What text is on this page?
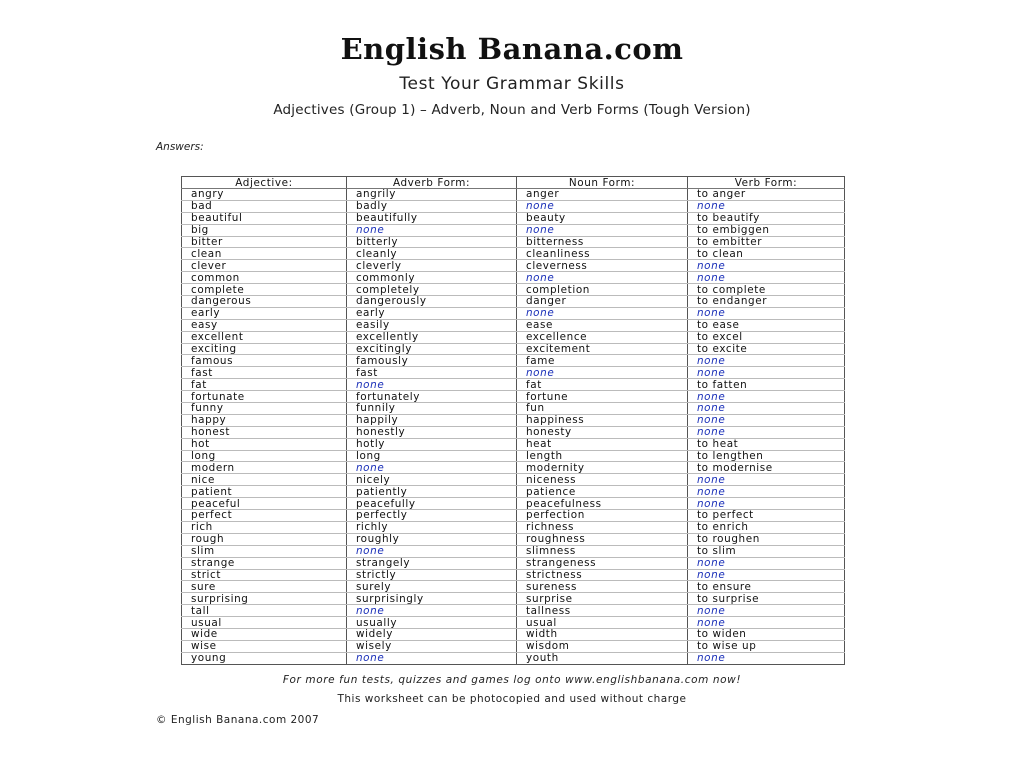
English Banana.com
Test Your Grammar Skills
Adjectives (Group 1) – Adverb, Noun and Verb Forms (Tough Version)
Answers:
Adjective:	Adverb Form:	Noun Form:	Verb Form:
angry	angrily	anger	to anger
bad	badly	none	none
beautiful	beautifully	beauty	to beautify
big	none	none	to embiggen
bitter	bitterly	bitterness	to embitter
clean	cleanly	cleanliness	to clean
clever	cleverly	cleverness	none
common	commonly	none	none
complete	completely	completion	to complete
dangerous	dangerously	danger	to endanger
early	early	none	none
easy	easily	ease	to ease
excellent	excellently	excellence	to excel
exciting	excitingly	excitement	to excite
famous	famously	fame	none
fast	fast	none	none
fat	none	fat	to fatten
fortunate	fortunately	fortune	none
funny	funnily	fun	none
happy	happily	happiness	none
honest	honestly	honesty	none
hot	hotly	heat	to heat
long	long	length	to lengthen
modern	none	modernity	to modernise
nice	nicely	niceness	none
patient	patiently	patience	none
peaceful	peacefully	peacefulness	none
perfect	perfectly	perfection	to perfect
rich	richly	richness	to enrich
rough	roughly	roughness	to roughen
slim	none	slimness	to slim
strange	strangely	strangeness	none
strict	strictly	strictness	none
sure	surely	sureness	to ensure
surprising	surprisingly	surprise	to surprise
tall	none	tallness	none
usual	usually	usual	none
wide	widely	width	to widen
wise	wisely	wisdom	to wise up
young	none	youth	none
For more fun tests, quizzes and games log onto www.englishbanana.com now!
This worksheet can be photocopied and used without charge
© English Banana.com 2007
